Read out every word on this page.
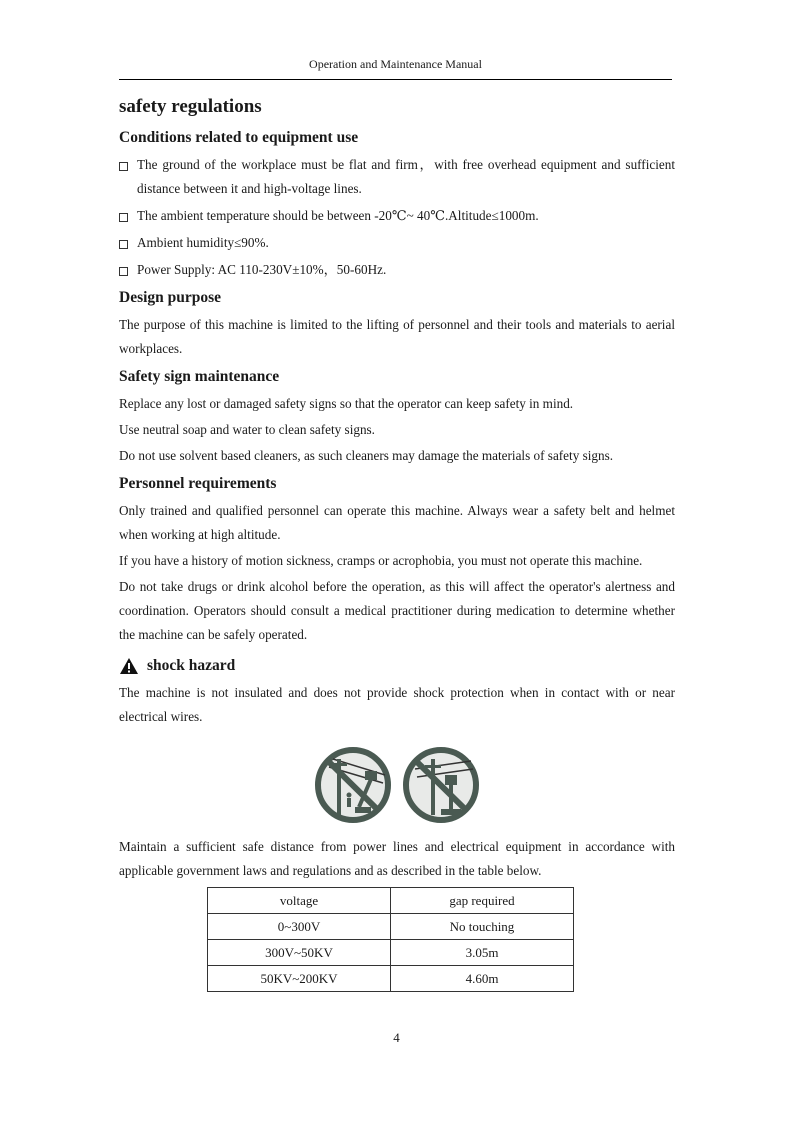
Operation and Maintenance Manual
safety regulations
Conditions related to equipment use

The ground of the workplace must be flat and firm，with free overhead equipment and sufficient distance between it and high-voltage lines.

The ambient temperature should be between -20℃~ 40℃.Altitude≤1000m.

Ambient humidity≤90%.

Power Supply: AC 110-230V±10%，50-60Hz.

Design purpose

The purpose of this machine is limited to the lifting of personnel and their tools and materials to aerial workplaces.

Safety sign maintenance

Replace any lost or damaged safety signs so that the operator can keep safety in mind.

Use neutral soap and water to clean safety signs.

Do not use solvent based cleaners, as such cleaners may damage the materials of safety signs.

Personnel requirements

Only trained and qualified personnel can operate this machine. Always wear a safety belt and helmet when working at high altitude.

If you have a history of motion sickness, cramps or acrophobia, you must not operate this machine.

Do not take drugs or drink alcohol before the operation, as this will affect the operator's alertness and coordination. Operators should consult a medical practitioner during medication to determine whether the machine can be safely operated.

shock hazard

The machine is not insulated and does not provide shock protection when in contact with or near electrical wires.

Maintain a sufficient safe distance from power lines and electrical equipment in accordance with applicable government laws and regulations and as described in the table below.

voltage	gap required
0~300V	No touching
300V~50KV	3.05m
50KV~200KV	4.60m
4
